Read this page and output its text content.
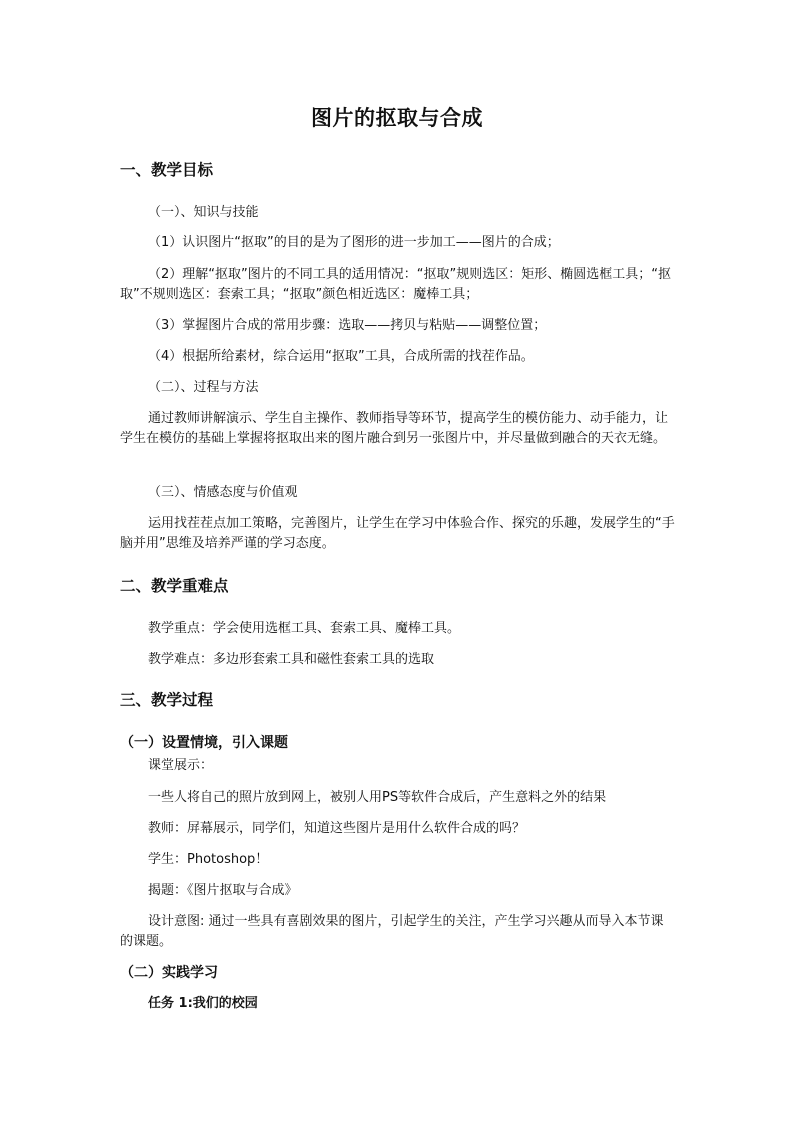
图片的抠取与合成
一、教学目标
（一）、知识与技能
（1）认识图片“抠取”的目的是为了图形的进一步加工——图片的合成；
（2）理解“抠取”图片的不同工具的适用情况：“抠取”规则选区：矩形、椭圆选框工具；“抠取”不规则选区：套索工具；“抠取”颜色相近选区：魔棒工具；
（3）掌握图片合成的常用步骤：选取——拷贝与粘贴——调整位置；
（4）根据所给素材，综合运用“抠取”工具，合成所需的找茬作品。
（二）、过程与方法
通过教师讲解演示、学生自主操作、教师指导等环节，提高学生的模仿能力、动手能力，让学生在模仿的基础上掌握将抠取出来的图片融合到另一张图片中，并尽量做到融合的天衣无缝。
（三）、情感态度与价值观
运用找茬茬点加工策略，完善图片，让学生在学习中体验合作、探究的乐趣，发展学生的“手脑并用”思维及培养严谨的学习态度。
二、教学重难点
教学重点：学会使用选框工具、套索工具、魔棒工具。
教学难点：多边形套索工具和磁性套索工具的选取
三、教学过程
（一）设置情境，引入课题
课堂展示：
一些人将自己的照片放到网上，被别人用PS等软件合成后，产生意料之外的结果
教师：屏幕展示，同学们，知道这些图片是用什么软件合成的吗？
学生：Photoshop！
揭题：《图片抠取与合成》
设计意图: 通过一些具有喜剧效果的图片，引起学生的关注，产生学习兴趣从而导入本节课的课题。
（二）实践学习
任务 1:我们的校园
